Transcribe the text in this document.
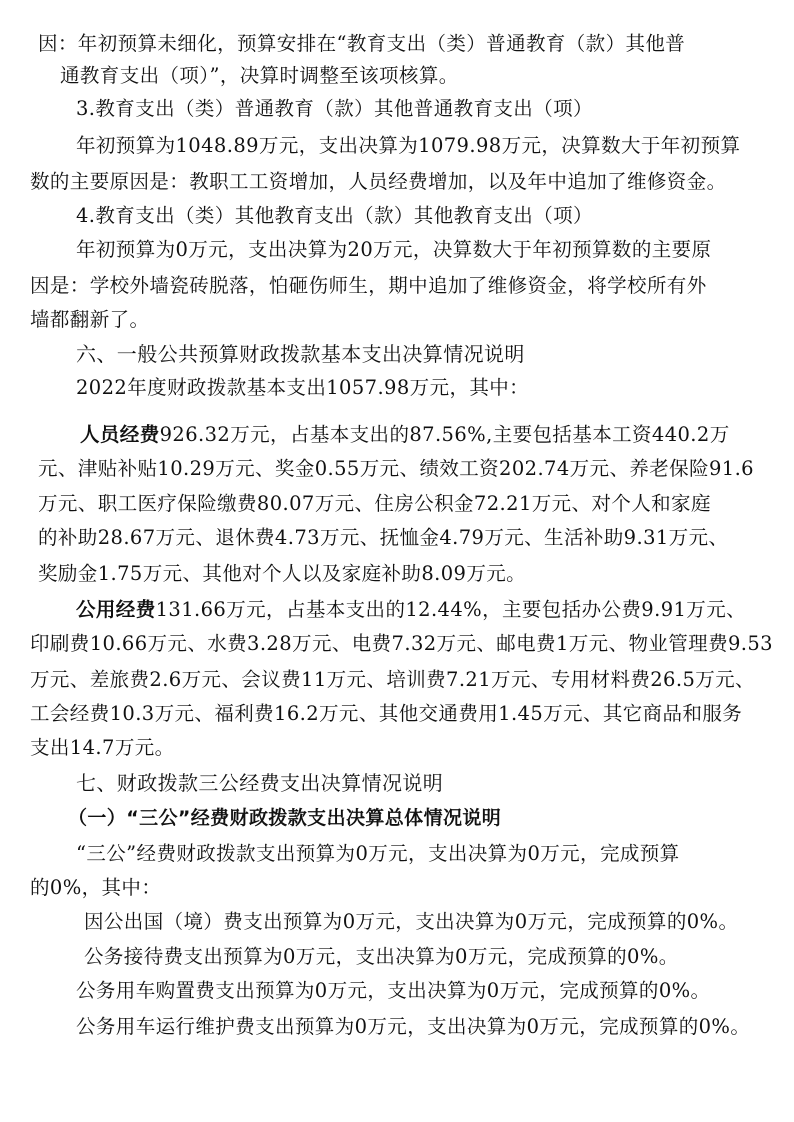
因：年初预算未细化，预算安排在“教育支出（类）普通教育（款）其他普
通教育支出（项）”，决算时调整至该项核算。
3.教育支出（类）普通教育（款）其他普通教育支出（项）
年初预算为1048.89万元，支出决算为1079.98万元，决算数大于年初预算
数的主要原因是：教职工工资增加，人员经费增加，以及年中追加了维修资金。
4.教育支出（类）其他教育支出（款）其他教育支出（项）
年初预算为0万元，支出决算为20万元，决算数大于年初预算数的主要原
因是：学校外墙瓷砖脱落，怕砸伤师生，期中追加了维修资金，将学校所有外
墙都翻新了。
六、一般公共预算财政拨款基本支出决算情况说明
2022年度财政拨款基本支出1057.98万元，其中：
人员经费926.32万元，占基本支出的87.56%,主要包括基本工资440.2万
元、津贴补贴10.29万元、奖金0.55万元、绩效工资202.74万元、养老保险91.6
万元、职工医疗保险缴费80.07万元、住房公积金72.21万元、对个人和家庭
的补助28.67万元、退休费4.73万元、抚恤金4.79万元、生活补助9.31万元、
奖励金1.75万元、其他对个人以及家庭补助8.09万元。
公用经费131.66万元，占基本支出的12.44%，主要包括办公费9.91万元、
印刷费10.66万元、水费3.28万元、电费7.32万元、邮电费1万元、物业管理费9.53
万元、差旅费2.6万元、会议费11万元、培训费7.21万元、专用材料费26.5万元、
工会经费10.3万元、福利费16.2万元、其他交通费用1.45万元、其它商品和服务
支出14.7万元。
七、财政拨款三公经费支出决算情况说明
（一）“三公”经费财政拨款支出决算总体情况说明
“三公”经费财政拨款支出预算为0万元，支出决算为0万元，完成预算
的0%，其中：
因公出国（境）费支出预算为0万元，支出决算为0万元，完成预算的0%。
公务接待费支出预算为0万元，支出决算为0万元，完成预算的0%。
公务用车购置费支出预算为0万元，支出决算为0万元，完成预算的0%。
公务用车运行维护费支出预算为0万元，支出决算为0万元，完成预算的0%。
